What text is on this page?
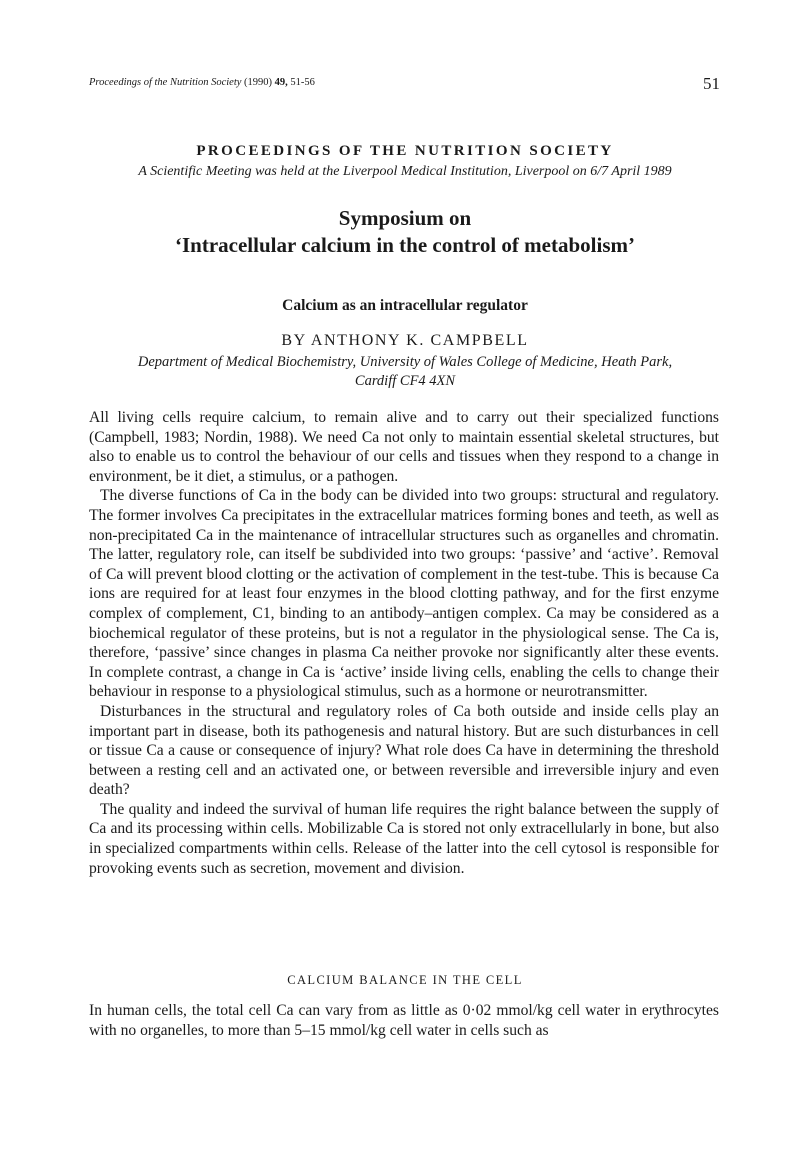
Proceedings of the Nutrition Society (1990) 49, 51-56	51
PROCEEDINGS OF THE NUTRITION SOCIETY
A Scientific Meeting was held at the Liverpool Medical Institution, Liverpool on 6/7 April 1989
Symposium on
‘Intracellular calcium in the control of metabolism’
Calcium as an intracellular regulator
BY ANTHONY K. CAMPBELL
Department of Medical Biochemistry, University of Wales College of Medicine, Heath Park,
Cardiff CF4 4XN

All living cells require calcium, to remain alive and to carry out their specialized functions (Campbell, 1983; Nordin, 1988). We need Ca not only to maintain essential skeletal structures, but also to enable us to control the behaviour of our cells and tissues when they respond to a change in environment, be it diet, a stimulus, or a pathogen.

The diverse functions of Ca in the body can be divided into two groups: structural and regulatory. The former involves Ca precipitates in the extracellular matrices forming bones and teeth, as well as non-precipitated Ca in the maintenance of intracellular structures such as organelles and chromatin. The latter, regulatory role, can itself be subdivided into two groups: ‘passive’ and ‘active’. Removal of Ca will prevent blood clotting or the activation of complement in the test-tube. This is because Ca ions are required for at least four enzymes in the blood clotting pathway, and for the first enzyme complex of complement, C1, binding to an antibody–antigen complex. Ca may be considered as a biochemical regulator of these proteins, but is not a regulator in the physiological sense. The Ca is, therefore, ‘passive’ since changes in plasma Ca neither provoke nor significantly alter these events. In complete contrast, a change in Ca is ‘active’ inside living cells, enabling the cells to change their behaviour in response to a physiological stimulus, such as a hormone or neurotransmitter.

Disturbances in the structural and regulatory roles of Ca both outside and inside cells play an important part in disease, both its pathogenesis and natural history. But are such disturbances in cell or tissue Ca a cause or consequence of injury? What role does Ca have in determining the threshold between a resting cell and an activated one, or between reversible and irreversible injury and even death?

The quality and indeed the survival of human life requires the right balance between the supply of Ca and its processing within cells. Mobilizable Ca is stored not only extracellularly in bone, but also in specialized compartments within cells. Release of the latter into the cell cytosol is responsible for provoking events such as secretion, movement and division.

CALCIUM BALANCE IN THE CELL

In human cells, the total cell Ca can vary from as little as 0·02 mmol/kg cell water in erythrocytes with no organelles, to more than 5–15 mmol/kg cell water in cells such as
